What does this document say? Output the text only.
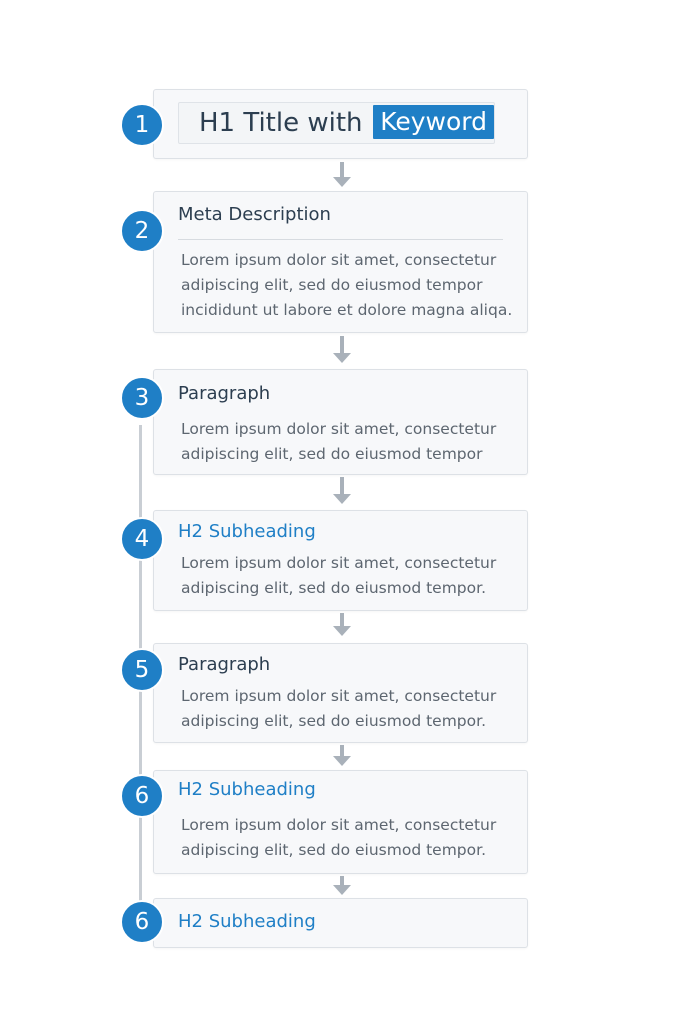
1	H1 Title with Keyword
2
Meta Description
Lorem ipsum dolor sit amet, consectetur
adipiscing elit, sed do eiusmod tempor
incididunt ut labore et dolore magna aliqa.
3	Paragraph
Lorem ipsum dolor sit amet, consectetur
adipiscing elit, sed do eiusmod tempor
4	H2 Subheading
Lorem ipsum dolor sit amet, consectetur
adipiscing elit, sed do eiusmod tempor.
5	Paragraph
Lorem ipsum dolor sit amet, consectetur
adipiscing elit, sed do eiusmod tempor.
6	H2 Subheading
Lorem ipsum dolor sit amet, consectetur
adipiscing elit, sed do eiusmod tempor.
6	H2 Subheading
